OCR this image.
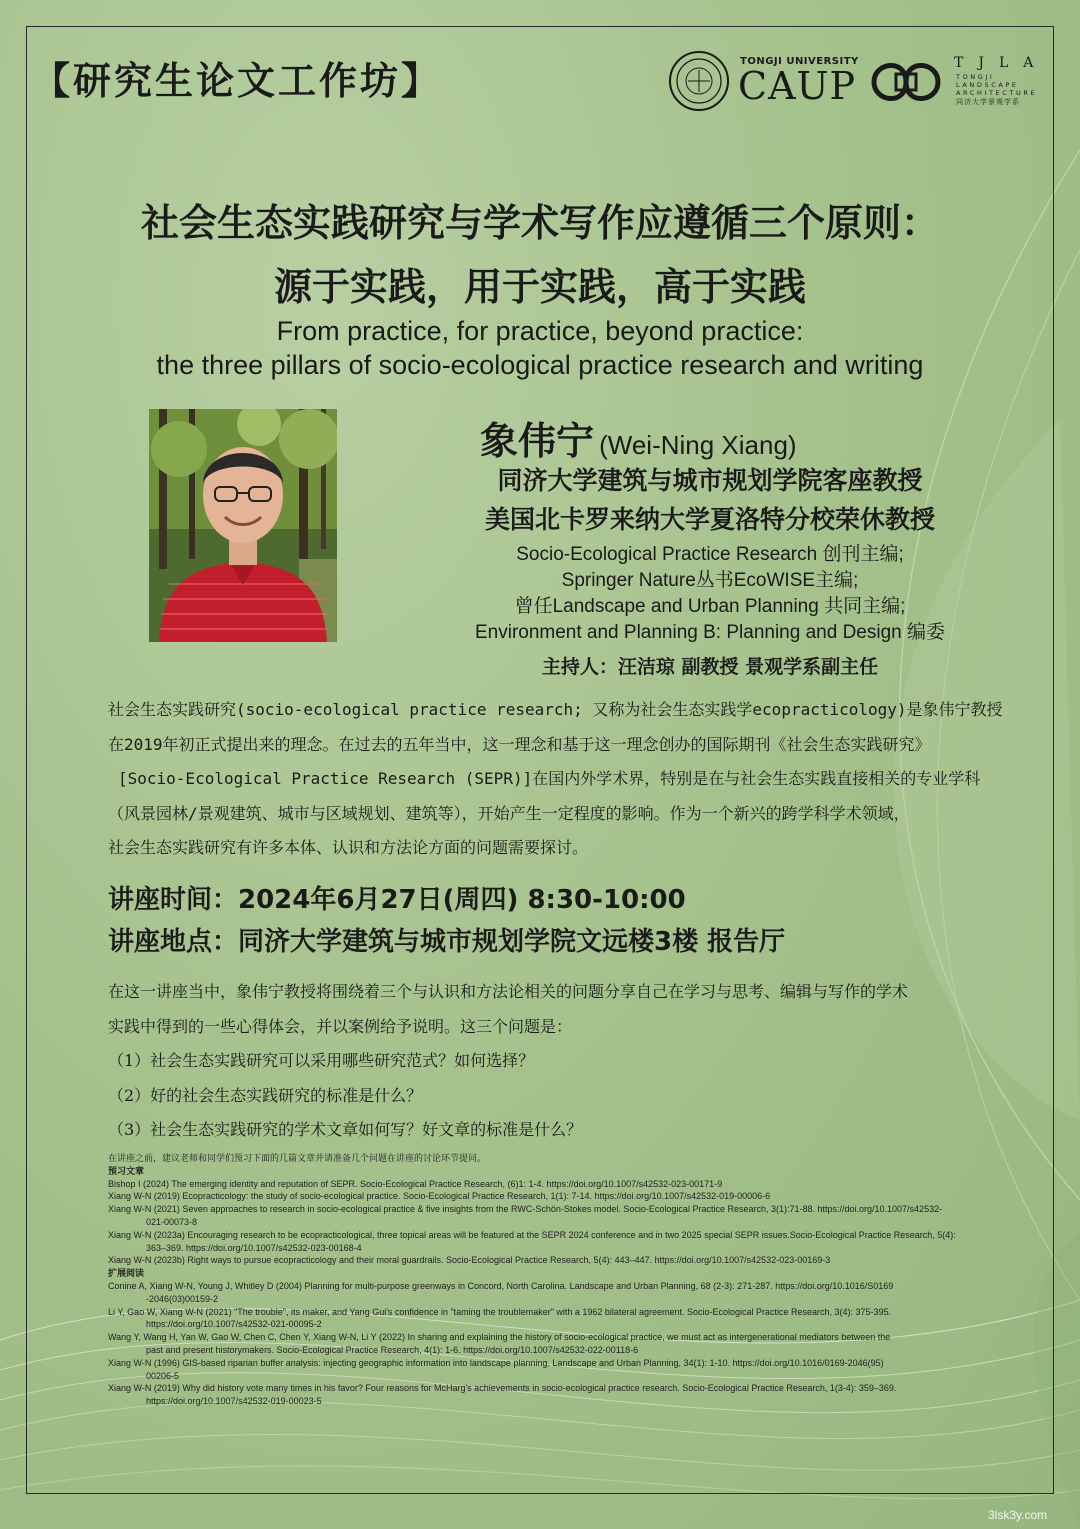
【研究生论文工作坊】	TONGJI UNIVERSITY
CAUP
TJLA
TONGJI
LANDSCAPE
ARCHITECTURE
同济大学景观学系
社会生态实践研究与学术写作应遵循三个原则：
源于实践，用于实践，高于实践
From practice, for practice, beyond practice:
the three pillars of socio-ecological practice research and writing
象伟宁 (Wei-Ning Xiang)
同济大学建筑与城市规划学院客座教授
美国北卡罗来纳大学夏洛特分校荣休教授
Socio-Ecological Practice Research 创刊主编;
Springer Nature丛书EcoWISE主编;
曾任Landscape and Urban Planning 共同主编;
Environment and Planning B: Planning and Design 编委
主持人：汪洁琼 副教授 景观学系副主任
社会生态实践研究(socio-ecological practice research; 又称为社会生态实践学ecopracticology)是象伟宁教授
在2019年初正式提出来的理念。在过去的五年当中，这一理念和基于这一理念创办的国际期刊《社会生态实践研究》
[Socio-Ecological Practice Research (SEPR)]在国内外学术界，特别是在与社会生态实践直接相关的专业学科
（风景园林/景观建筑、城市与区域规划、建筑等），开始产生一定程度的影响。作为一个新兴的跨学科学术领域，
社会生态实践研究有许多本体、认识和方法论方面的问题需要探讨。
讲座时间：2024年6月27日(周四) 8:30-10:00
讲座地点：同济大学建筑与城市规划学院文远楼3楼 报告厅
在这一讲座当中，象伟宁教授将围绕着三个与认识和方法论相关的问题分享自己在学习与思考、编辑与写作的学术
实践中得到的一些心得体会，并以案例给予说明。这三个问题是：
（1）社会生态实践研究可以采用哪些研究范式？如何选择？
（2）好的社会生态实践研究的标准是什么？
（3）社会生态实践研究的学术文章如何写？好文章的标准是什么？
在讲座之前，建议老师和同学们预习下面的几篇文章并请准备几个问题在讲座的讨论环节提问。
预习文章
Bishop I (2024) The emerging identity and reputation of SEPR. Socio-Ecological Practice Research, (6)1: 1-4. https://doi.org/10.1007/s42532-023-00171-9
Xiang W-N (2019) Ecopracticology: the study of socio-ecological practice. Socio-Ecological Practice Research, 1(1): 7-14. https://doi.org/10.1007/s42532-019-00006-6
Xiang W-N (2021) Seven approaches to research in socio-ecological practice & five insights from the RWC-Schön-Stokes model. Socio-Ecological Practice Research, 3(1):71-88. https://doi.org/10.1007/s42532-
021-00073-8
Xiang W-N (2023a) Encouraging research to be ecopracticological, three topical areas will be featured at the SEPR 2024 conference and in two 2025 special SEPR issues.Socio-Ecological Practice Research, 5(4):
363–369. https://doi.org/10.1007/s42532-023-00168-4
Xiang W-N (2023b) Right ways to pursue ecopracticology and their moral guardrails. Socio-Ecological Practice Research, 5(4): 443–447. https://doi.org/10.1007/s42532-023-00169-3
扩展阅读
Conine A, Xiang W-N, Young J, Whitley D (2004) Planning for multi-purpose greenways in Concord, North Carolina. Landscape and Urban Planning, 68 (2-3): 271-287. https://doi.org/10.1016/S0169
-2046(03)00159-2
Li Y, Gao W, Xiang W-N (2021) "The trouble", its maker, and Yang Gui's confidence in "taming the troublemaker" with a 1962 bilateral agreement. Socio-Ecological Practice Research, 3(4): 375-395.
https://doi.org/10.1007/s42532-021-00095-2
Wang Y, Wang H, Yan W, Gao W, Chen C, Chen Y, Xiang W-N, Li Y (2022) In sharing and explaining the history of socio-ecological practice, we must act as intergenerational mediators between the
past and present historymakers. Socio-Ecological Practice Research, 4(1): 1-6. https://doi.org/10.1007/s42532-022-00118-6
Xiang W-N (1996) GIS-based riparian buffer analysis: injecting geographic information into landscape planning. Landscape and Urban Planning, 34(1): 1-10. https://doi.org/10.1016/0169-2046(95)
00206-5
Xiang W-N (2019) Why did history vote many times in his favor? Four reasons for McHarg's achievements in socio-ecological practice research. Socio-Ecological Practice Research, 1(3-4): 359–369.
https://doi.org/10.1007/s42532-019-00023-5
3lsk3y.com
